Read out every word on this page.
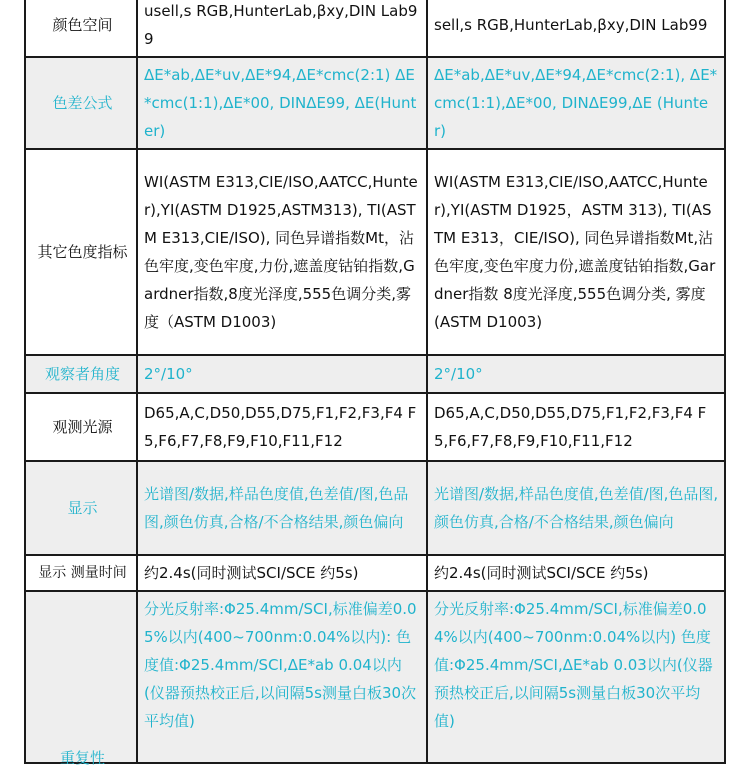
颜色空间	usell,s RGB,HunterLab,βxy,DIN Lab99	sell,s RGB,HunterLab,βxy,DIN Lab99
色差公式	ΔE*ab,ΔE*uv,ΔE*94,ΔE*cmc(2:1) ΔE*cmc(1:1),ΔE*00, DINΔE99, ΔE(Hunter)	ΔE*ab,ΔE*uv,ΔE*94,ΔE*cmc(2:1), ΔE*cmc(1:1),ΔE*00, DINΔE99,ΔE (Hunter)
其它色度指标	WI(ASTM E313,CIE/ISO,AATCC,Hunter),YI(ASTM D1925,ASTM313), TI(ASTM E313,CIE/ISO), 同色异谱指数Mt，沾色牢度,变色牢度,力份,遮盖度钴铂指数,Gardner指数,8度光泽度,555色调分类,雾度（ASTM D1003)	WI(ASTM E313,CIE/ISO,AATCC,Hunter),YI(ASTM D1925，ASTM 313), TI(ASTM E313，CIE/ISO), 同色异谱指数Mt,沾色牢度,变色牢度力份,遮盖度钴铂指数,Gardner指数 8度光泽度,555色调分类, 雾度(ASTM D1003)
观察者角度	2°/10°	2°/10°
观测光源	D65,A,C,D50,D55,D75,F1,F2,F3,F4 F5,F6,F7,F8,F9,F10,F11,F12	D65,A,C,D50,D55,D75,F1,F2,F3,F4 F5,F6,F7,F8,F9,F10,F11,F12
显示	光谱图/数据,样品色度值,色差值/图,色品图,颜色仿真,合格/不合格结果,颜色偏向	光谱图/数据,样品色度值,色差值/图,色品图,颜色仿真,合格/不合格结果,颜色偏向
显示 测量时间	约2.4s(同时测试SCI/SCE 约5s)	约2.4s(同时测试SCI/SCE 约5s)

重复性	分光反射率:Φ25.4mm/SCI,标准偏差0.05%以内(400~700nm:0.04%以内): 色度值:Φ25.4mm/SCI,ΔE*ab 0.04以内(仪器预热校正后,以间隔5s测量白板30次平均值)	分光反射率:Φ25.4mm/SCI,标准偏差0.04%以内(400~700nm:0.04%以内) 色度值:Φ25.4mm/SCI,ΔE*ab 0.03以内(仪器预热校正后,以间隔5s测量白板30次平均值)
